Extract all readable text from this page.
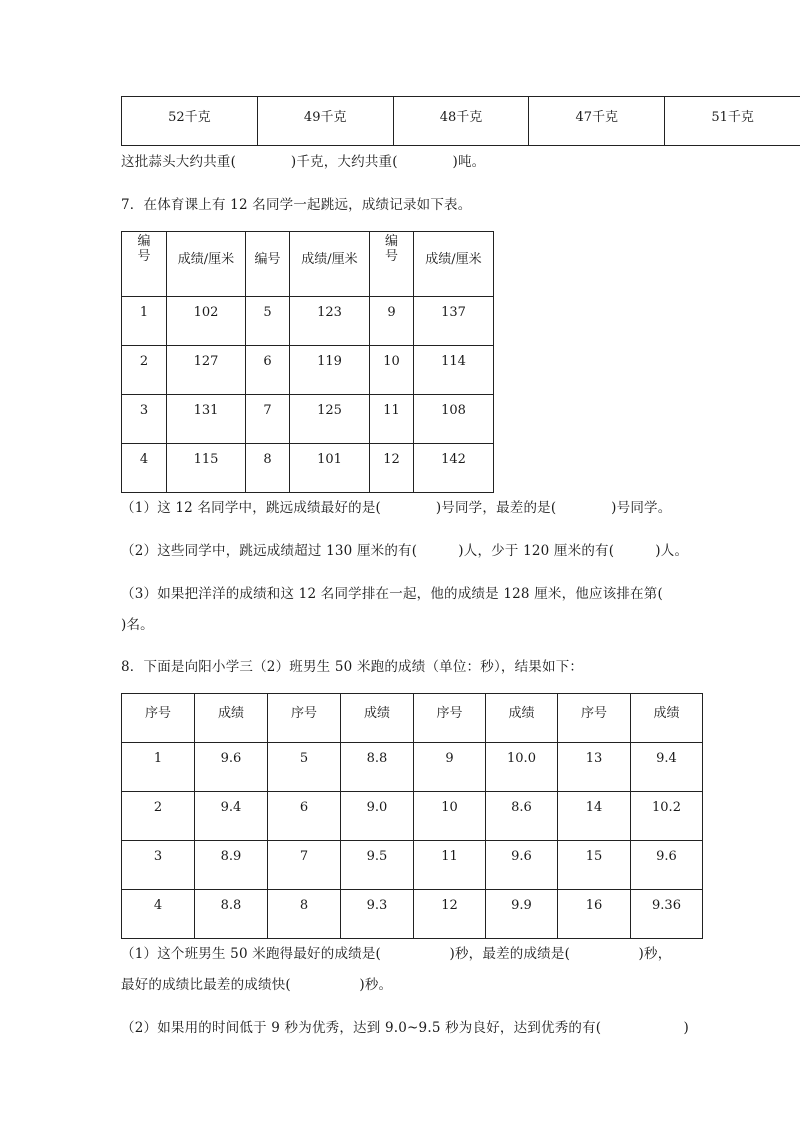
52千克	49千克	48千克	47千克	51千克
这批蒜头大约共重(　　　　)千克，大约共重(　　　　)吨。
7．在体育课上有 12 名同学一起跳远，成绩记录如下表。
编号	成绩/厘米	编号	成绩/厘米	编号	成绩/厘米
1	102	5	123	9	137
2	127	6	119	10	114
3	131	7	125	11	108
4	115	8	101	12	142
（1）这 12 名同学中，跳远成绩最好的是(　　　　)号同学，最差的是(　　　　)号同学。
（2）这些同学中，跳远成绩超过 130 厘米的有(　　　)人，少于 120 厘米的有(　　　)人。
（3）如果把洋洋的成绩和这 12 名同学排在一起，他的成绩是 128 厘米，他应该排在第(
)名。
8．下面是向阳小学三（2）班男生 50 米跑的成绩（单位：秒），结果如下：
序号	成绩	序号	成绩	序号	成绩	序号	成绩
1	9.6	5	8.8	9	10.0	13	9.4
2	9.4	6	9.0	10	8.6	14	10.2
3	8.9	7	9.5	11	9.6	15	9.6
4	8.8	8	9.3	12	9.9	16	9.36
（1）这个班男生 50 米跑得最好的成绩是(　　　　　)秒，最差的成绩是(　　　　　)秒，
最好的成绩比最差的成绩快(　　　　　)秒。
（2）如果用的时间低于 9 秒为优秀，达到 9.0~9.5 秒为良好，达到优秀的有(　　　　　　)
